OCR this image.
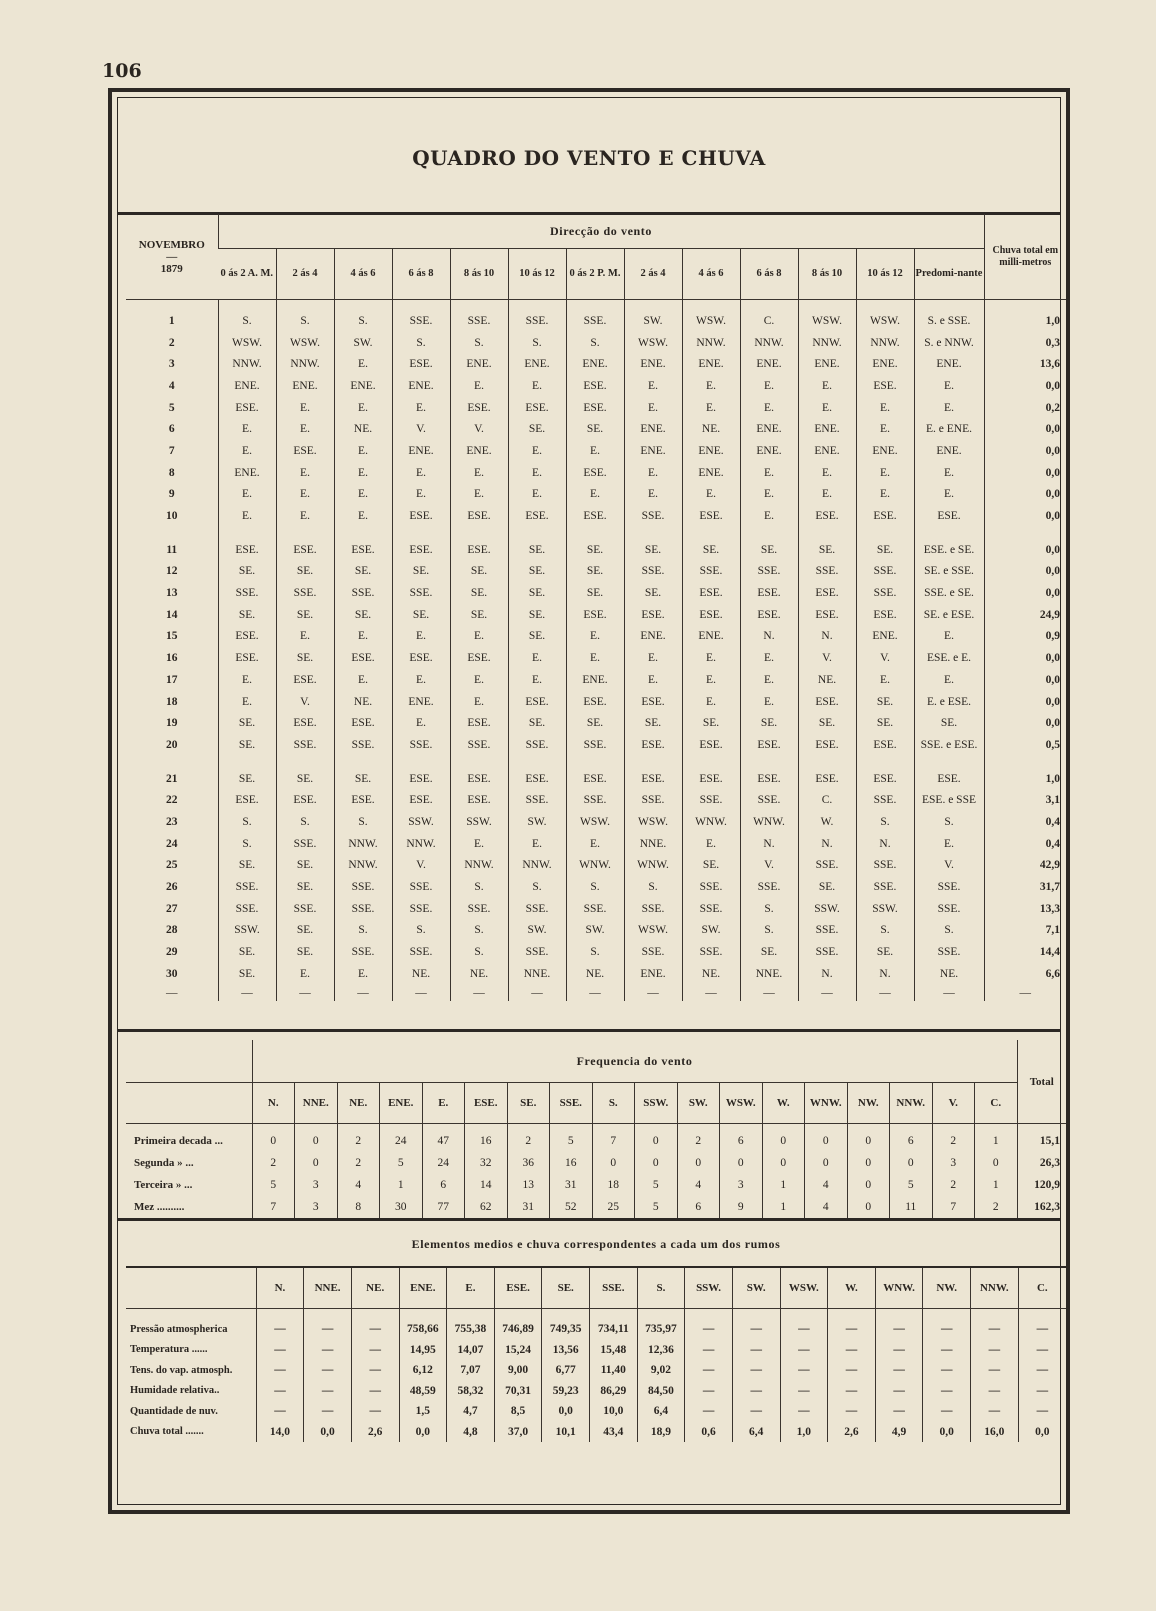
106
QUADRO DO VENTO E CHUVA
NOVEMBRO
—
1879	Direcção do vento													Chuva total em milli-metros
	0 ás 2 A. M.	2 ás 4	4 ás 6	6 ás 8	8 ás 10	10 ás 12	0 ás 2 P. M.	2 ás 4	4 ás 6	6 ás 8	8 ás 10	10 ás 12	Predomi-nante	
1	S.	S.	S.	SSE.	SSE.	SSE.	SSE.	SW.	WSW.	C.	WSW.	WSW.	S. e SSE.	1,0
2	WSW.	WSW.	SW.	S.	S.	S.	S.	WSW.	NNW.	NNW.	NNW.	NNW.	S. e NNW.	0,3
3	NNW.	NNW.	E.	ESE.	ENE.	ENE.	ENE.	ENE.	ENE.	ENE.	ENE.	ENE.	ENE.	13,6
4	ENE.	ENE.	ENE.	ENE.	E.	E.	ESE.	E.	E.	E.	E.	ESE.	E.	0,0
5	ESE.	E.	E.	E.	ESE.	ESE.	ESE.	E.	E.	E.	E.	E.	E.	0,2
6	E.	E.	NE.	V.	V.	SE.	SE.	ENE.	NE.	ENE.	ENE.	E.	E. e ENE.	0,0
7	E.	ESE.	E.	ENE.	ENE.	E.	E.	ENE.	ENE.	ENE.	ENE.	ENE.	ENE.	0,0
8	ENE.	E.	E.	E.	E.	E.	ESE.	E.	ENE.	E.	E.	E.	E.	0,0
9	E.	E.	E.	E.	E.	E.	E.	E.	E.	E.	E.	E.	E.	0,0
10	E.	E.	E.	ESE.	ESE.	ESE.	ESE.	SSE.	ESE.	E.	ESE.	ESE.	ESE.	0,0

11	ESE.	ESE.	ESE.	ESE.	ESE.	SE.	SE.	SE.	SE.	SE.	SE.	SE.	ESE. e SE.	0,0
12	SE.	SE.	SE.	SE.	SE.	SE.	SE.	SSE.	SSE.	SSE.	SSE.	SSE.	SE. e SSE.	0,0
13	SSE.	SSE.	SSE.	SSE.	SE.	SE.	SE.	SE.	ESE.	ESE.	ESE.	SSE.	SSE. e SE.	0,0
14	SE.	SE.	SE.	SE.	SE.	SE.	ESE.	ESE.	ESE.	ESE.	ESE.	ESE.	SE. e ESE.	24,9
15	ESE.	E.	E.	E.	E.	SE.	E.	ENE.	ENE.	N.	N.	ENE.	E.	0,9
16	ESE.	SE.	ESE.	ESE.	ESE.	E.	E.	E.	E.	E.	V.	V.	ESE. e E.	0,0
17	E.	ESE.	E.	E.	E.	E.	ENE.	E.	E.	E.	NE.	E.	E.	0,0
18	E.	V.	NE.	ENE.	E.	ESE.	ESE.	ESE.	E.	E.	ESE.	SE.	E. e ESE.	0,0
19	SE.	ESE.	ESE.	E.	ESE.	SE.	SE.	SE.	SE.	SE.	SE.	SE.	SE.	0,0
20	SE.	SSE.	SSE.	SSE.	SSE.	SSE.	SSE.	ESE.	ESE.	ESE.	ESE.	ESE.	SSE. e ESE.	0,5

21	SE.	SE.	SE.	ESE.	ESE.	ESE.	ESE.	ESE.	ESE.	ESE.	ESE.	ESE.	ESE.	1,0
22	ESE.	ESE.	ESE.	ESE.	ESE.	SSE.	SSE.	SSE.	SSE.	SSE.	C.	SSE.	ESE. e SSE	3,1
23	S.	S.	S.	SSW.	SSW.	SW.	WSW.	WSW.	WNW.	WNW.	W.	S.	S.	0,4
24	S.	SSE.	NNW.	NNW.	E.	E.	E.	NNE.	E.	N.	N.	N.	E.	0,4
25	SE.	SE.	NNW.	V.	NNW.	NNW.	WNW.	WNW.	SE.	V.	SSE.	SSE.	V.	42,9
26	SSE.	SE.	SSE.	SSE.	S.	S.	S.	S.	SSE.	SSE.	SE.	SSE.	SSE.	31,7
27	SSE.	SSE.	SSE.	SSE.	SSE.	SSE.	SSE.	SSE.	SSE.	S.	SSW.	SSW.	SSE.	13,3
28	SSW.	SE.	S.	S.	S.	SW.	SW.	WSW.	SW.	S.	SSE.	S.	S.	7,1
29	SE.	SE.	SSE.	SSE.	S.	SSE.	S.	SSE.	SSE.	SE.	SSE.	SE.	SSE.	14,4
30	SE.	E.	E.	NE.	NE.	NNE.	NE.	ENE.	NE.	NNE.	N.	N.	NE.	6,6
—	—	—	—	—	—	—	—	—	—	—	—	—	—	—
	Frequencia do vento																		Total
	N.	NNE.	NE.	ENE.	E.	ESE.	SE.	SSE.	S.	SSW.	SW.	WSW.	W.	WNW.	NW.	NNW.	V.	C.	
Primeira decada ...	0	0	2	24	47	16	2	5	7	0	2	6	0	0	0	6	2	1	15,1
Segunda » ...	2	0	2	5	24	32	36	16	0	0	0	0	0	0	0	0	3	0	26,3
Terceira » ...	5	3	4	1	6	14	13	31	18	5	4	3	1	4	0	5	2	1	120,9
Mez ..........	7	3	8	30	77	62	31	52	25	5	6	9	1	4	0	11	7	2	162,3
Elementos medios e chuva correspondentes a cada um dos rumos																	
	N.	NNE.	NE.	ENE.	E.	ESE.	SE.	SSE.	S.	SSW.	SW.	WSW.	W.	WNW.	NW.	NNW.	C.
Pressão atmospherica	—	—	—	758,66	755,38	746,89	749,35	734,11	735,97	—	—	—	—	—	—	—	—
Temperatura ......	—	—	—	14,95	14,07	15,24	13,56	15,48	12,36	—	—	—	—	—	—	—	—
Tens. do vap. atmosph.	—	—	—	6,12	7,07	9,00	6,77	11,40	9,02	—	—	—	—	—	—	—	—
Humidade relativa..	—	—	—	48,59	58,32	70,31	59,23	86,29	84,50	—	—	—	—	—	—	—	—
Quantidade de nuv.	—	—	—	1,5	4,7	8,5	0,0	10,0	6,4	—	—	—	—	—	—	—	—
Chuva total .......	14,0	0,0	2,6	0,0	4,8	37,0	10,1	43,4	18,9	0,6	6,4	1,0	2,6	4,9	0,0	16,0	0,0
